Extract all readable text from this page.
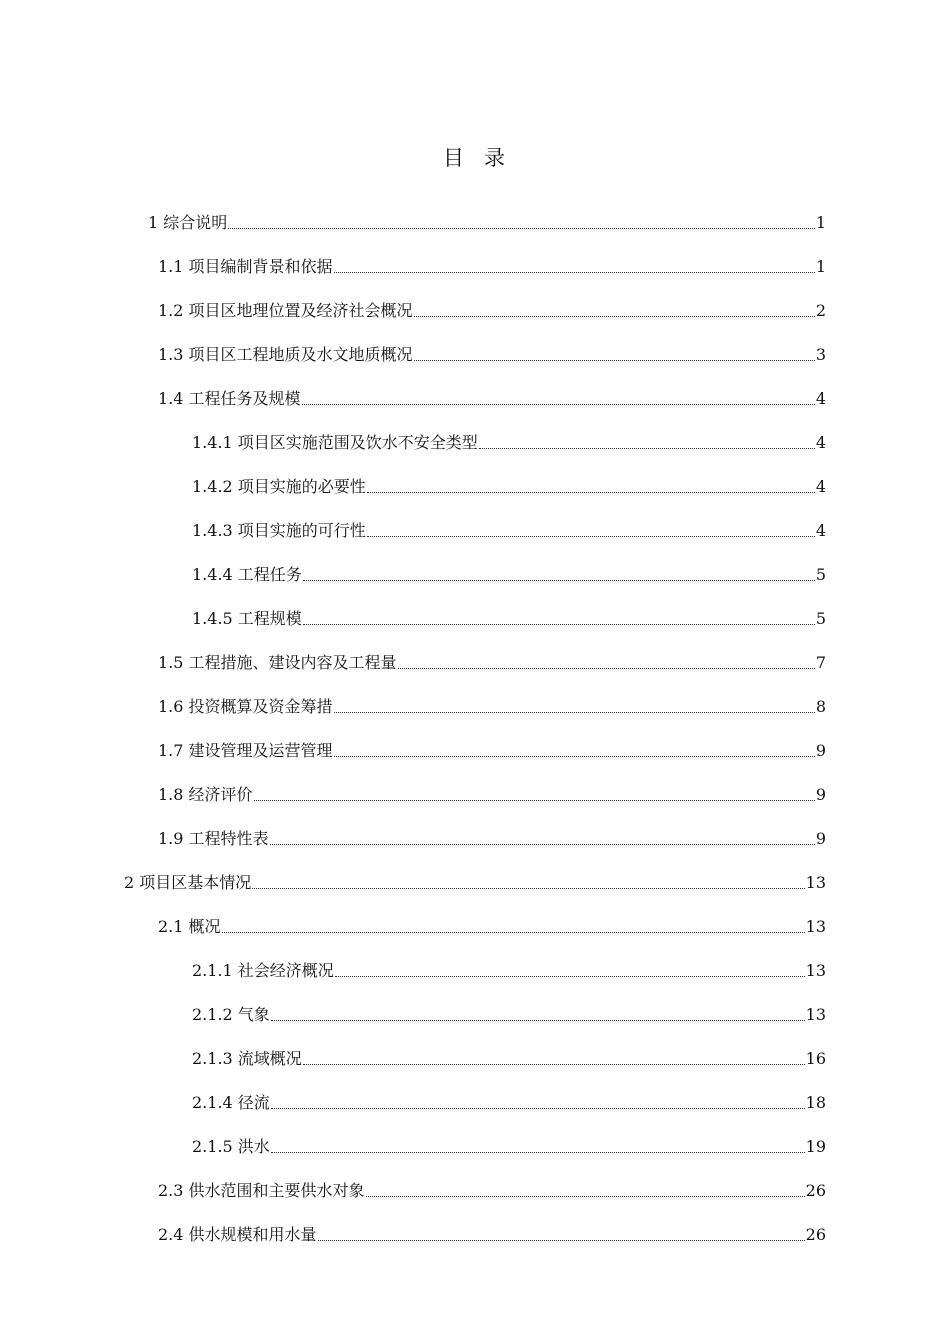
目 录
1 综合说明	1
1.1 项目编制背景和依据	1
1.2 项目区地理位置及经济社会概况	2
1.3 项目区工程地质及水文地质概况	3
1.4 工程任务及规模	4
1.4.1 项目区实施范围及饮水不安全类型	4
1.4.2 项目实施的必要性	4
1.4.3 项目实施的可行性	4
1.4.4 工程任务	5
1.4.5 工程规模	5
1.5 工程措施、建设内容及工程量	7
1.6 投资概算及资金筹措	8
1.7 建设管理及运营管理	9
1.8 经济评价	9
1.9 工程特性表	9
2 项目区基本情况	13
2.1 概况	13
2.1.1 社会经济概况	13
2.1.2 气象	13
2.1.3 流域概况	16
2.1.4 径流	18
2.1.5 洪水	19
2.3 供水范围和主要供水对象	26
2.4 供水规模和用水量	26
